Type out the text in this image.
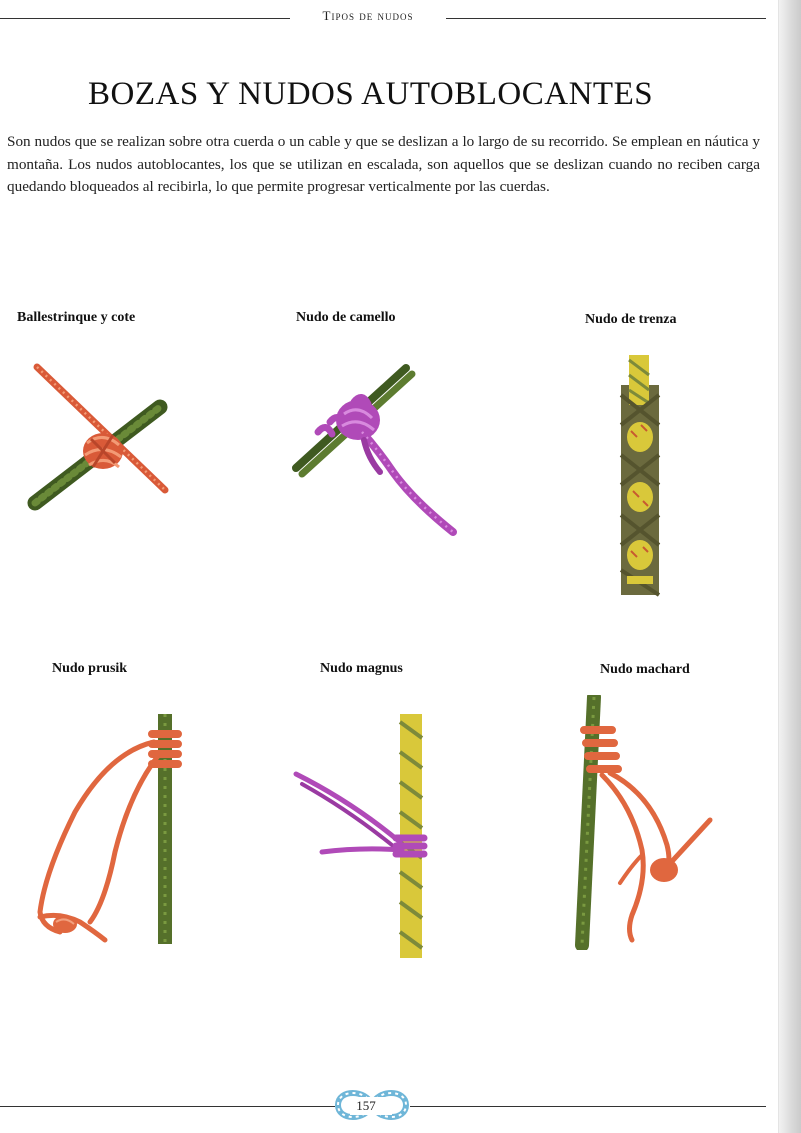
Tipos de nudos
BOZAS Y NUDOS AUTOBLOCANTES

Son nudos que se realizan sobre otra cuerda o un cable y que se deslizan a lo largo de su recorrido. Se emplean en náutica y montaña. Los nudos autoblocantes, los que se utilizan en escalada, son aquellos que se deslizan cuando no reciben carga quedando bloqueados al recibirla, lo que permite progresar verticalmente por las cuerdas.

Ballestrinque y cote	Nudo de camello	Nudo de trenza

Nudo prusik	Nudo magnus	Nudo machard

157
